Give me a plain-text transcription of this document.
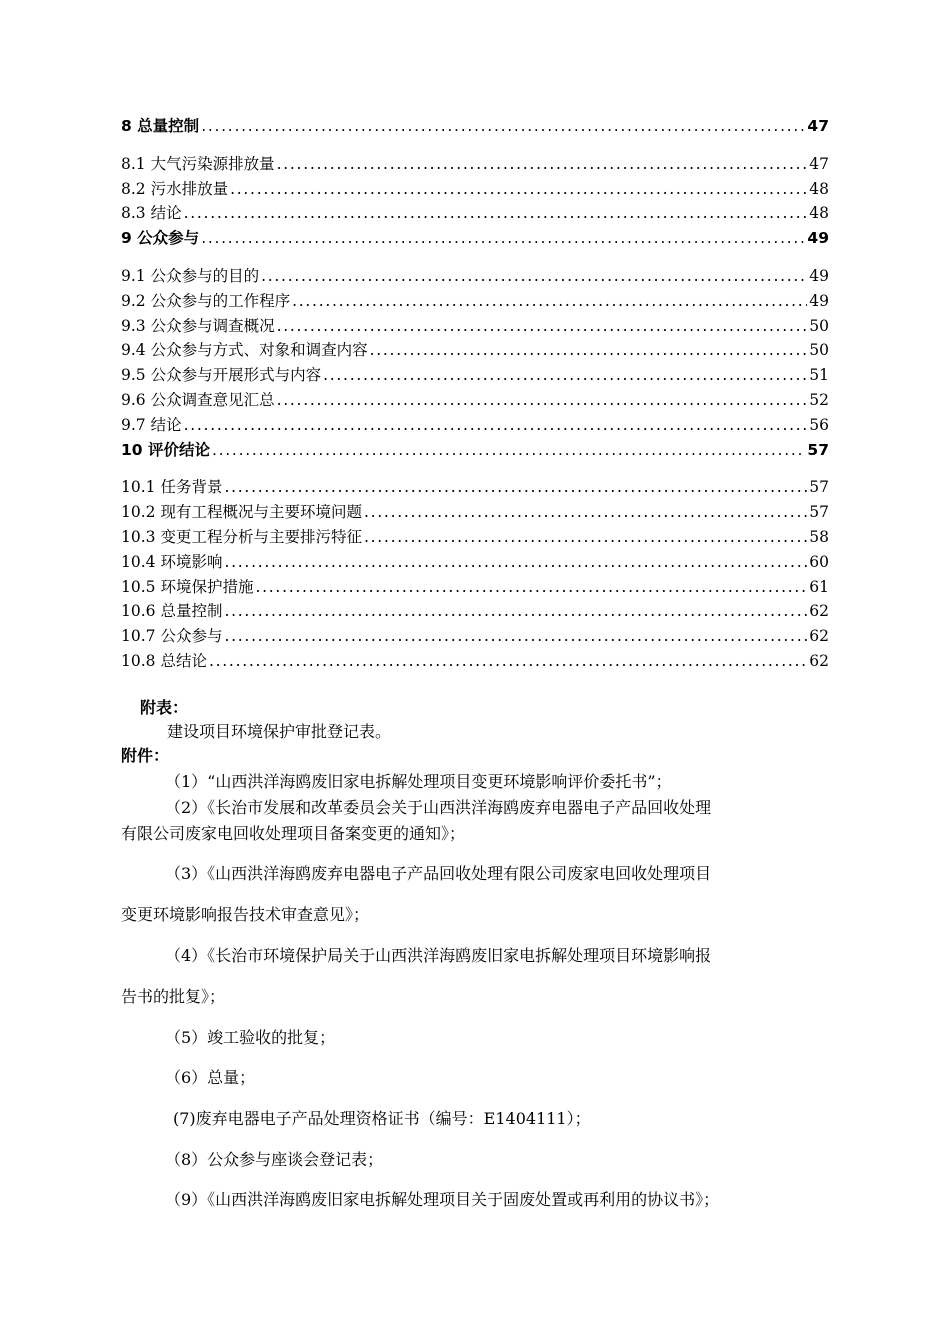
8 总量控制 . . .	47
8.1 大气污染源排放量 . . .	47
8.2 污水排放量 . . .	48
8.3 结论 . . .	48
9 公众参与 . . .	49
9.1 公众参与的目的 . . .	49
9.2 公众参与的工作程序 . . .	49
9.3 公众参与调查概况 . . .	50
9.4 公众参与方式、对象和调查内容 . . .	50
9.5 公众参与开展形式与内容 . . .	51
9.6 公众调查意见汇总 . . .	52
9.7 结论 . . .	56
10 评价结论 . . .	57
10.1 任务背景 . . .	57
10.2 现有工程概况与主要环境问题 . . .	57
10.3 变更工程分析与主要排污特征 . . .	58
10.4 环境影响 . . .	60
10.5 环境保护措施 . . .	61
10.6 总量控制 . . .	62
10.7 公众参与 . . .	62
10.8 总结论 . . .	62
附表：
建设项目环境保护审批登记表。
附件：
（1）“山西洪洋海鸥废旧家电拆解处理项目变更环境影响评价委托书”；
（2）《长治市发展和改革委员会关于山西洪洋海鸥废弃电器电子产品回收处理
有限公司废家电回收处理项目备案变更的通知》；
（3）《山西洪洋海鸥废弃电器电子产品回收处理有限公司废家电回收处理项目
变更环境影响报告技术审查意见》；
（4）《长治市环境保护局关于山西洪洋海鸥废旧家电拆解处理项目环境影响报
告书的批复》；
（5）竣工验收的批复；
（6）总量；
(7)废弃电器电子产品处理资格证书（编号：E1404111）；
（8）公众参与座谈会登记表；
（9）《山西洪洋海鸥废旧家电拆解处理项目关于固废处置或再利用的协议书》；
